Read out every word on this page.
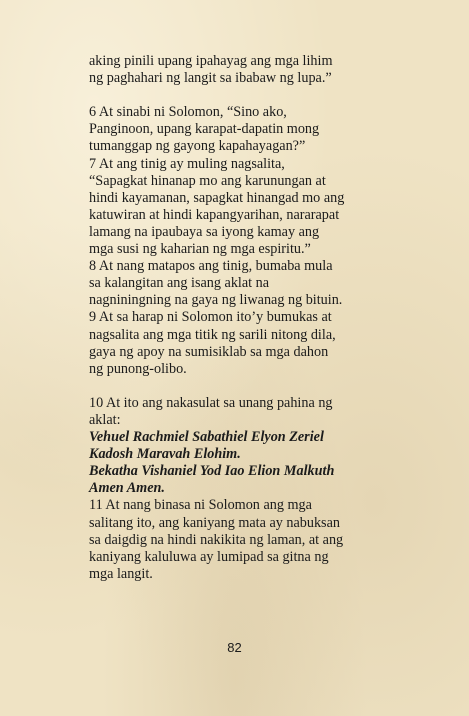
aking pinili upang ipahayag ang mga lihim
ng paghahari ng langit sa ibabaw ng lupa.”
6 At sinabi ni Solomon, “Sino ako,
Panginoon, upang karapat-dapatin mong
tumanggap ng gayong kapahayagan?”
7 At ang tinig ay muling nagsalita,
“Sapagkat hinanap mo ang karunungan at
hindi kayamanan, sapagkat hinangad mo ang
katuwiran at hindi kapangyarihan, nararapat
lamang na ipaubaya sa iyong kamay ang
mga susi ng kaharian ng mga espiritu.”
8 At nang matapos ang tinig, bumaba mula
sa kalangitan ang isang aklat na
nagniningning na gaya ng liwanag ng bituin.
9 At sa harap ni Solomon ito’y bumukas at
nagsalita ang mga titik ng sarili nitong dila,
gaya ng apoy na sumisiklab sa mga dahon
ng punong-olibo.
10 At ito ang nakasulat sa unang pahina ng
aklat:
Vehuel Rachmiel Sabathiel Elyon Zeriel
Kadosh Maravah Elohim.
Bekatha Vishaniel Yod Iao Elion Malkuth
Amen Amen.
11 At nang binasa ni Solomon ang mga
salitang ito, ang kaniyang mata ay nabuksan
sa daigdig na hindi nakikita ng laman, at ang
kaniyang kaluluwa ay lumipad sa gitna ng
mga langit.
82
